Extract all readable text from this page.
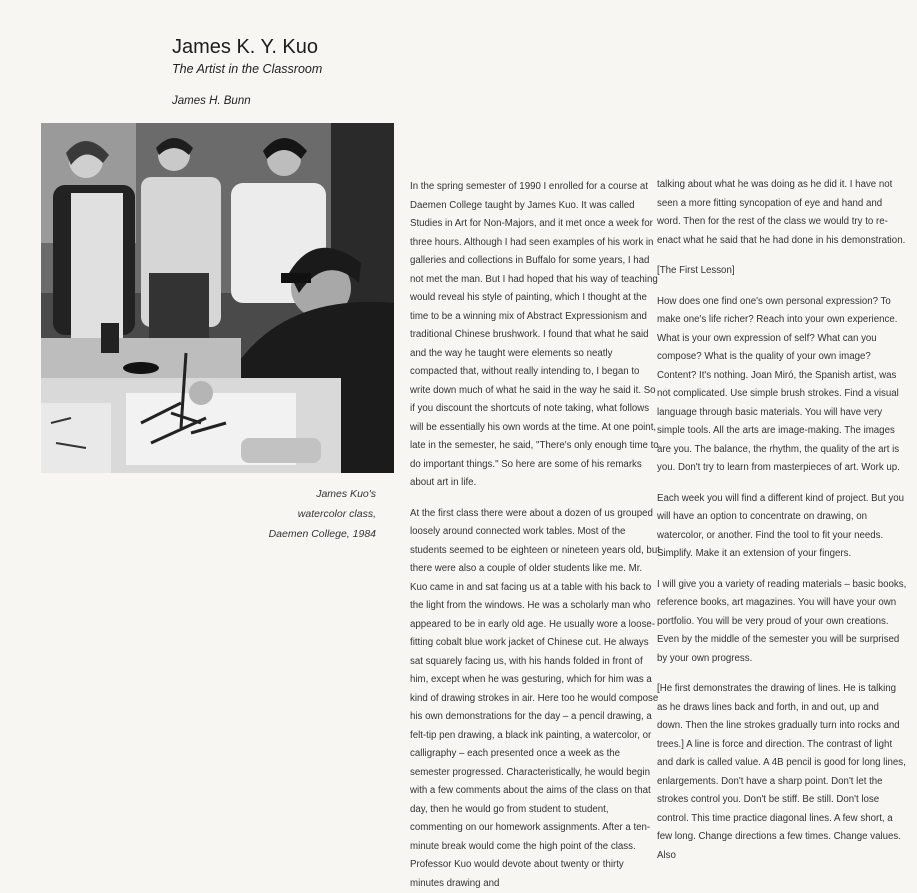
James K. Y. Kuo
The Artist in the Classroom
James H. Bunn
James Kuo's
watercolor class,
Daemen College, 1984

In the spring semester of 1990 I enrolled for a course at Daemen College taught by James Kuo. It was called Studies in Art for Non-Majors, and it met once a week for three hours. Although I had seen examples of his work in galleries and collections in Buffalo for some years, I had not met the man. But I had hoped that his way of teaching would reveal his style of painting, which I thought at the time to be a winning mix of Abstract Expressionism and traditional Chinese brushwork. I found that what he said and the way he taught were elements so neatly compacted that, without really intending to, I began to write down much of what he said in the way he said it. So if you discount the shortcuts of note taking, what follows will be essentially his own words at the time. At one point, late in the semester, he said, "There's only enough time to do important things." So here are some of his remarks about art in life.

At the first class there were about a dozen of us grouped loosely around connected work tables. Most of the students seemed to be eighteen or nineteen years old, but there were also a couple of older students like me. Mr. Kuo came in and sat facing us at a table with his back to the light from the windows. He was a scholarly man who appeared to be in early old age. He usually wore a loose-fitting cobalt blue work jacket of Chinese cut. He always sat squarely facing us, with his hands folded in front of him, except when he was gesturing, which for him was a kind of drawing strokes in air. Here too he would compose his own demonstrations for the day – a pencil drawing, a felt-tip pen drawing, a black ink painting, a watercolor, or calligraphy – each presented once a week as the semester progressed. Characteristically, he would begin with a few comments about the aims of the class on that day, then he would go from student to student, commenting on our homework assignments. After a ten-minute break would come the high point of the class. Professor Kuo would devote about twenty or thirty minutes drawing and

talking about what he was doing as he did it. I have not seen a more fitting syncopation of eye and hand and word. Then for the rest of the class we would try to re-enact what he said that he had done in his demonstration.

[The First Lesson]

How does one find one's own personal expression? To make one's life richer? Reach into your own experience. What is your own expression of self? What can you compose? What is the quality of your own image? Content? It's nothing. Joan Miró, the Spanish artist, was not complicated. Use simple brush strokes. Find a visual language through basic materials. You will have very simple tools. All the arts are image-making. The images are you. The balance, the rhythm, the quality of the art is you. Don't try to learn from masterpieces of art. Work up.

Each week you will find a different kind of project. But you will have an option to concentrate on drawing, on watercolor, or another. Find the tool to fit your needs. Simplify. Make it an extension of your fingers.

I will give you a variety of reading materials – basic books, reference books, art magazines. You will have your own portfolio. You will be very proud of your own creations. Even by the middle of the semester you will be surprised by your own progress.

[He first demonstrates the drawing of lines. He is talking as he draws lines back and forth, in and out, up and down. Then the line strokes gradually turn into rocks and trees.] A line is force and direction. The contrast of light and dark is called value. A 4B pencil is good for long lines, enlargements. Don't have a sharp point. Don't let the strokes control you. Don't be stiff. Be still. Don't lose control. This time practice diagonal lines. A few short, a few long. Change directions a few times. Change values. Also
